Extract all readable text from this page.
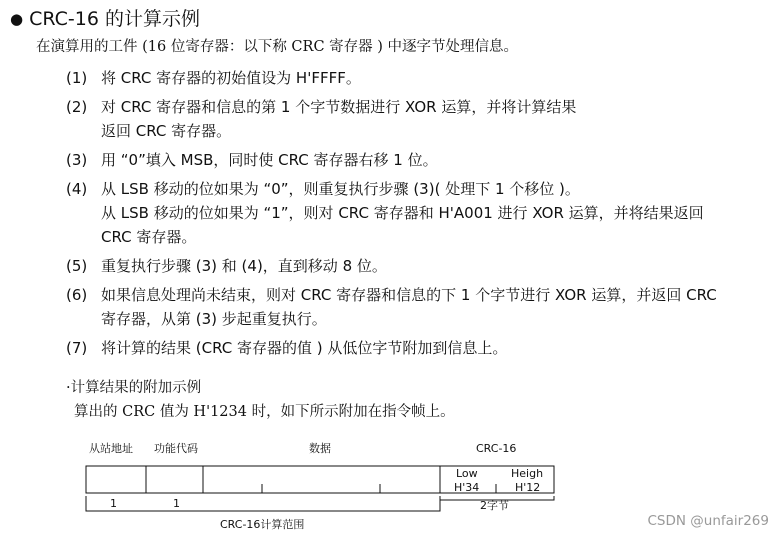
● CRC-16 的计算示例
在演算用的工件 (16 位寄存器：以下称 CRC 寄存器 ) 中逐字节处理信息。
(1) 将 CRC 寄存器的初始值设为 H'FFFF。
(2) 对 CRC 寄存器和信息的第 1 个字节数据进行 XOR 运算，并将计算结果
返回 CRC 寄存器。
(3) 用 “0”填入 MSB，同时使 CRC 寄存器右移 1 位。
(4) 从 LSB 移动的位如果为 “0”，则重复执行步骤 (3)( 处理下 1 个移位 )。
从 LSB 移动的位如果为 “1”，则对 CRC 寄存器和 H'A001 进行 XOR 运算，并将结果返回
CRC 寄存器。
(5) 重复执行步骤 (3) 和 (4)，直到移动 8 位。
(6) 如果信息处理尚未结束，则对 CRC 寄存器和信息的下 1 个字节进行 XOR 运算，并返回 CRC
寄存器，从第 (3) 步起重复执行。
(7) 将计算的结果 (CRC 寄存器的值 ) 从低位字节附加到信息上。
·计算结果的附加示例
算出的 CRC 值为 H'1234 时，如下所示附加在指令帧上。
从站地址 功能代码	数据	CRC-16
Low	Heigh
H'34	H'12
1	1	2字节
CRC-16计算范围	CSDN @unfair269
